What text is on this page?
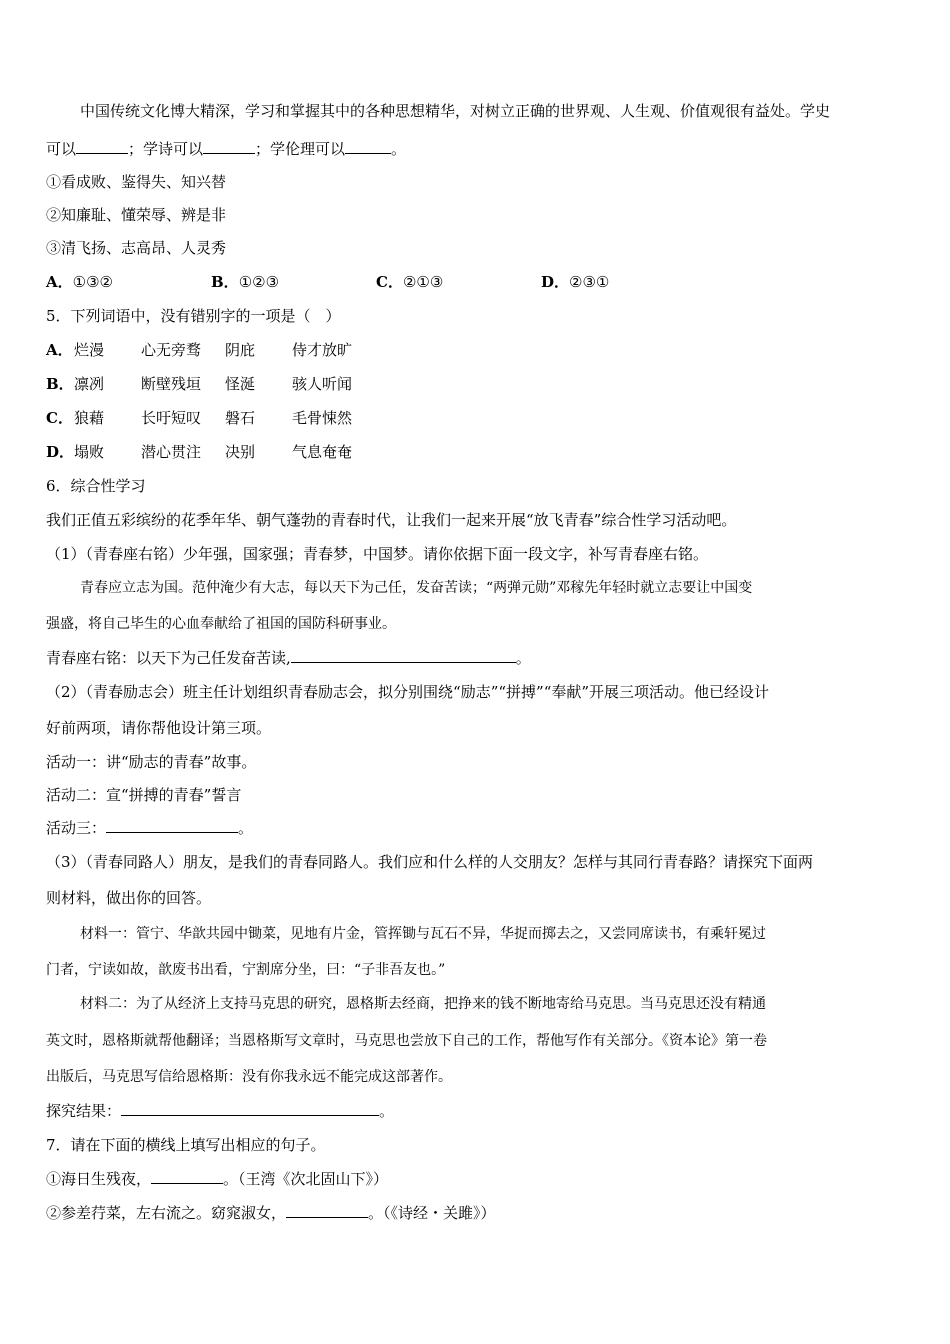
中国传统文化博大精深，学习和掌握其中的各种思想精华，对树立正确的世界观、人生观、价值观很有益处。学史
可以	；学诗可以	；学伦理可以	。
①看成败、鉴得失、知兴替
②知廉耻、懂荣辱、辨是非
③清飞扬、志高昂、人灵秀
A．①③②	B．①②③	C．②①③	D．②③①
5．下列词语中，没有错别字的一项是（　）
A．烂漫 心无旁骛 阴庇 侍才放旷
B．凛冽 断壁残垣 怪涎 骇人听闻
C．狼藉 长吁短叹 磐石 毛骨悚然
D．塌败 潜心贯注 决别 气息奄奄
6．综合性学习
我们正值五彩缤纷的花季年华、朝气蓬勃的青春时代，让我们一起来开展“放飞青春”综合性学习活动吧。
（1）（青春座右铭）少年强，国家强；青春梦，中国梦。请你依据下面一段文字，补写青春座右铭。
青春应立志为国。范仲淹少有大志，每以天下为己任，发奋苦读；“两弹元勋”邓稼先年轻时就立志要让中国变
强盛，将自己毕生的心血奉献给了祖国的国防科研事业。
青春座右铭：以天下为己任发奋苦读,	。
（2）（青春励志会）班主任计划组织青春励志会，拟分别围绕“励志”“拼搏”“奉献”开展三项活动。他已经设计
好前两项，请你帮他设计第三项。
活动一：讲“励志的青春”故事。
活动二：宣“拼搏的青春”誓言
活动三：	。
（3）（青春同路人）朋友，是我们的青春同路人。我们应和什么样的人交朋友？怎样与其同行青春路？请探究下面两
则材料，做出你的回答。
材料一：管宁、华歆共园中锄菜，见地有片金，管挥锄与瓦石不异，华捉而掷去之，又尝同席读书，有乘轩冕过
门者，宁读如故，歆废书出看，宁割席分坐，曰：“子非吾友也。”
材料二：为了从经济上支持马克思的研究，恩格斯去经商，把挣来的钱不断地寄给马克思。当马克思还没有精通
英文时，恩格斯就帮他翻译；当恩格斯写文章时，马克思也尝放下自己的工作，帮他写作有关部分。《资本论》第一卷
出版后，马克思写信给恩格斯：没有你我永远不能完成这部著作。
探究结果：	。
7．请在下面的横线上填写出相应的句子。
①海日生残夜，	。（王湾《次北固山下》）
②参差荇菜，左右流之。窈窕淑女，	。（《诗经・关雎》）
